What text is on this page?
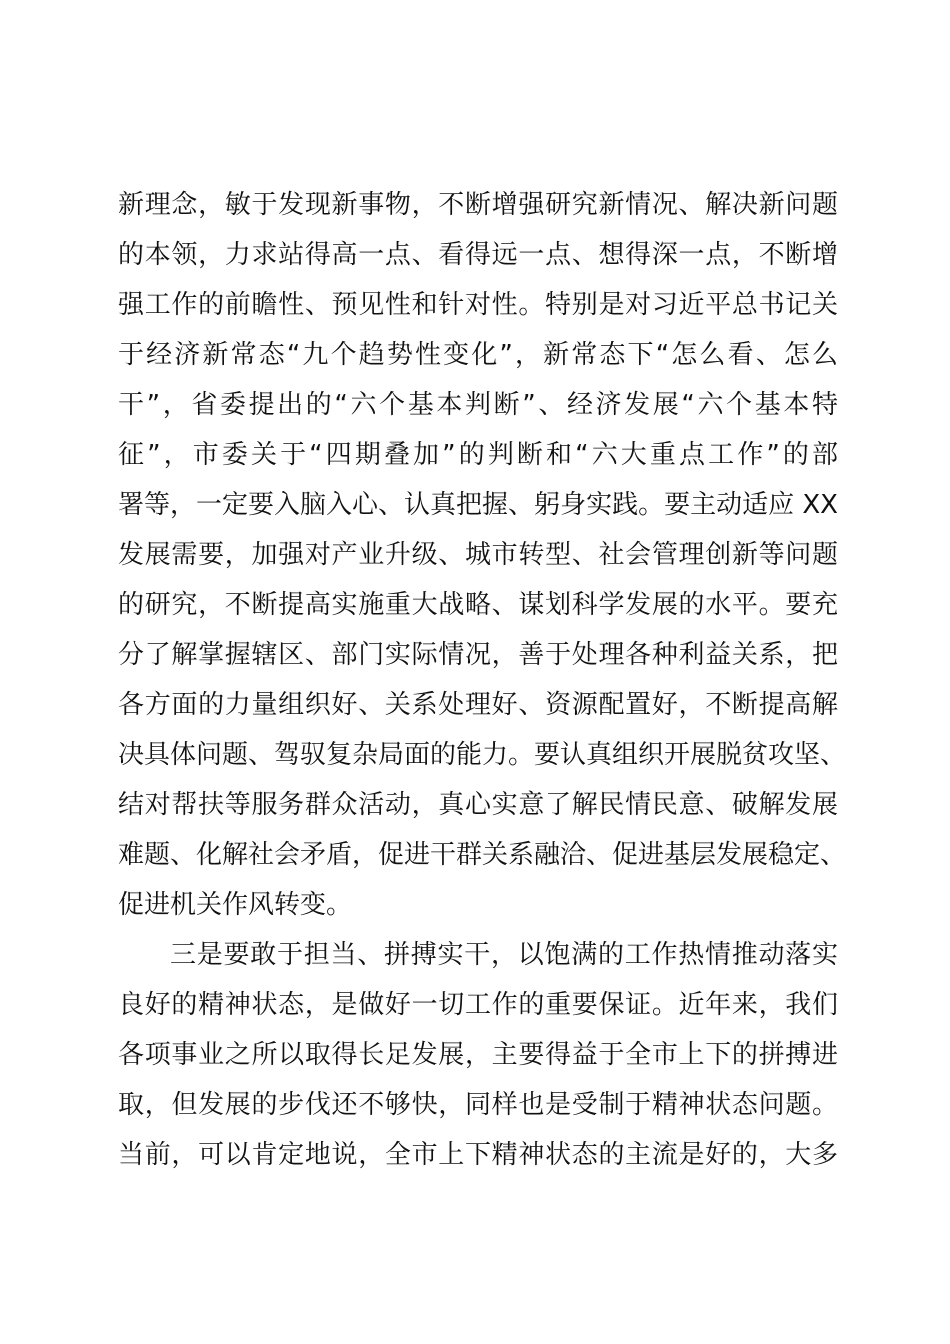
新理念，敏于发现新事物，不断增强研究新情况、解决新问题
的本领，力求站得高一点、看得远一点、想得深一点，不断增
强工作的前瞻性、预见性和针对性。特别是对习近平总书记关
于经济新常态“九个趋势性变化”，新常态下“怎么看、怎么
干”，省委提出的“六个基本判断”、经济发展“六个基本特
征”，市委关于“四期叠加”的判断和“六大重点工作”的部
署等，一定要入脑入心、认真把握、躬身实践。要主动适应 XX
发展需要，加强对产业升级、城市转型、社会管理创新等问题
的研究，不断提高实施重大战略、谋划科学发展的水平。要充
分了解掌握辖区、部门实际情况，善于处理各种利益关系，把
各方面的力量组织好、关系处理好、资源配置好，不断提高解
决具体问题、驾驭复杂局面的能力。要认真组织开展脱贫攻坚、
结对帮扶等服务群众活动，真心实意了解民情民意、破解发展
难题、化解社会矛盾，促进干群关系融洽、促进基层发展稳定、
促进机关作风转变。
三是要敢于担当、拼搏实干，以饱满的工作热情推动落实
良好的精神状态，是做好一切工作的重要保证。近年来，我们
各项事业之所以取得长足发展，主要得益于全市上下的拼搏进
取，但发展的步伐还不够快，同样也是受制于精神状态问题。
当前，可以肯定地说，全市上下精神状态的主流是好的，大多
